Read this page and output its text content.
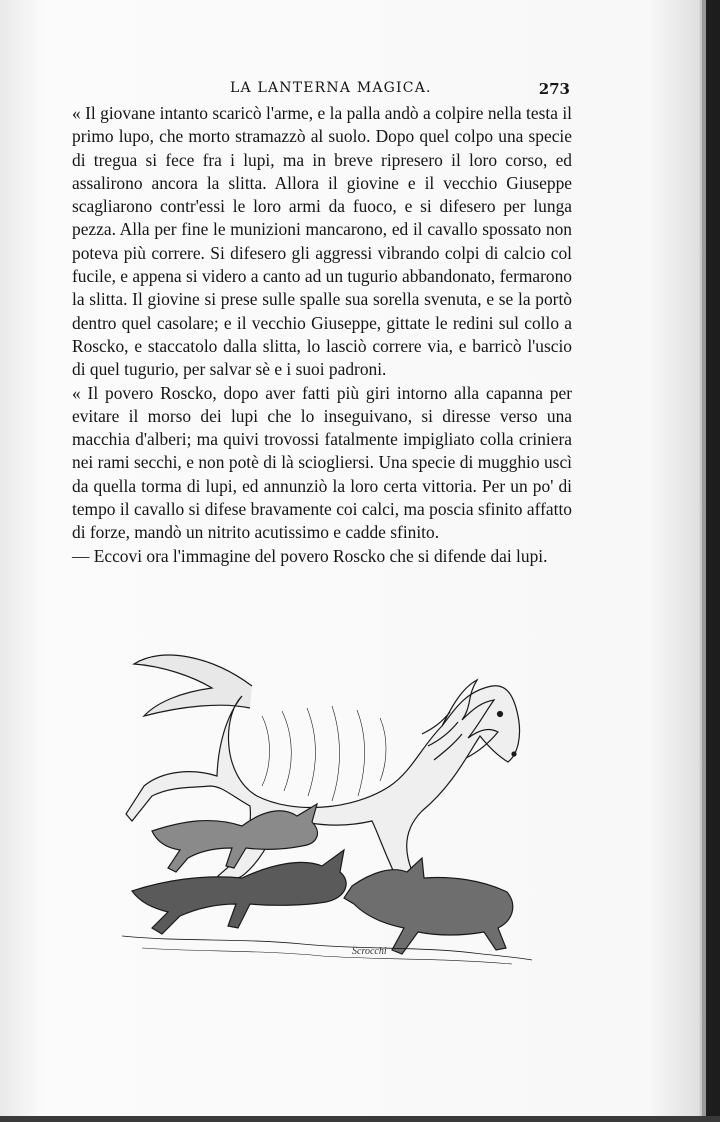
LA LANTERNA MAGICA.	273

« Il giovane intanto scaricò l'arme, e la palla andò a colpire nella testa il primo lupo, che morto stramazzò al suolo. Dopo quel colpo una specie di tregua si fece fra i lupi, ma in breve ripresero il loro corso, ed assalirono ancora la slitta. Allora il giovine e il vecchio Giuseppe scagliarono contr'essi le loro armi da fuoco, e si difesero per lunga pezza. Alla per fine le munizioni mancarono, ed il cavallo spossato non poteva più correre. Si difesero gli aggressi vibrando colpi di calcio col fucile, e appena si videro a canto ad un tugurio abbandonato, fermarono la slitta. Il giovine si prese sulle spalle sua sorella svenuta, e se la portò dentro quel casolare; e il vecchio Giuseppe, gittate le redini sul collo a Roscko, e staccatolo dalla slitta, lo lasciò correre via, e barricò l'uscio di quel tugurio, per salvar sè e i suoi padroni.

« Il povero Roscko, dopo aver fatti più giri intorno alla capanna per evitare il morso dei lupi che lo inseguivano, si diresse verso una macchia d'alberi; ma quivi trovossi fatalmente impigliato colla criniera nei rami secchi, e non potè di là sciogliersi. Una specie di mugghio uscì da quella torma di lupi, ed annunziò la loro certa vittoria. Per un po' di tempo il cavallo si difese bravamente coi calci, ma poscia sfinito affatto di forze, mandò un nitrito acutissimo e cadde sfinito.

— Eccovi ora l'immagine del povero Roscko che si difende dai lupi.

Scrocchi
